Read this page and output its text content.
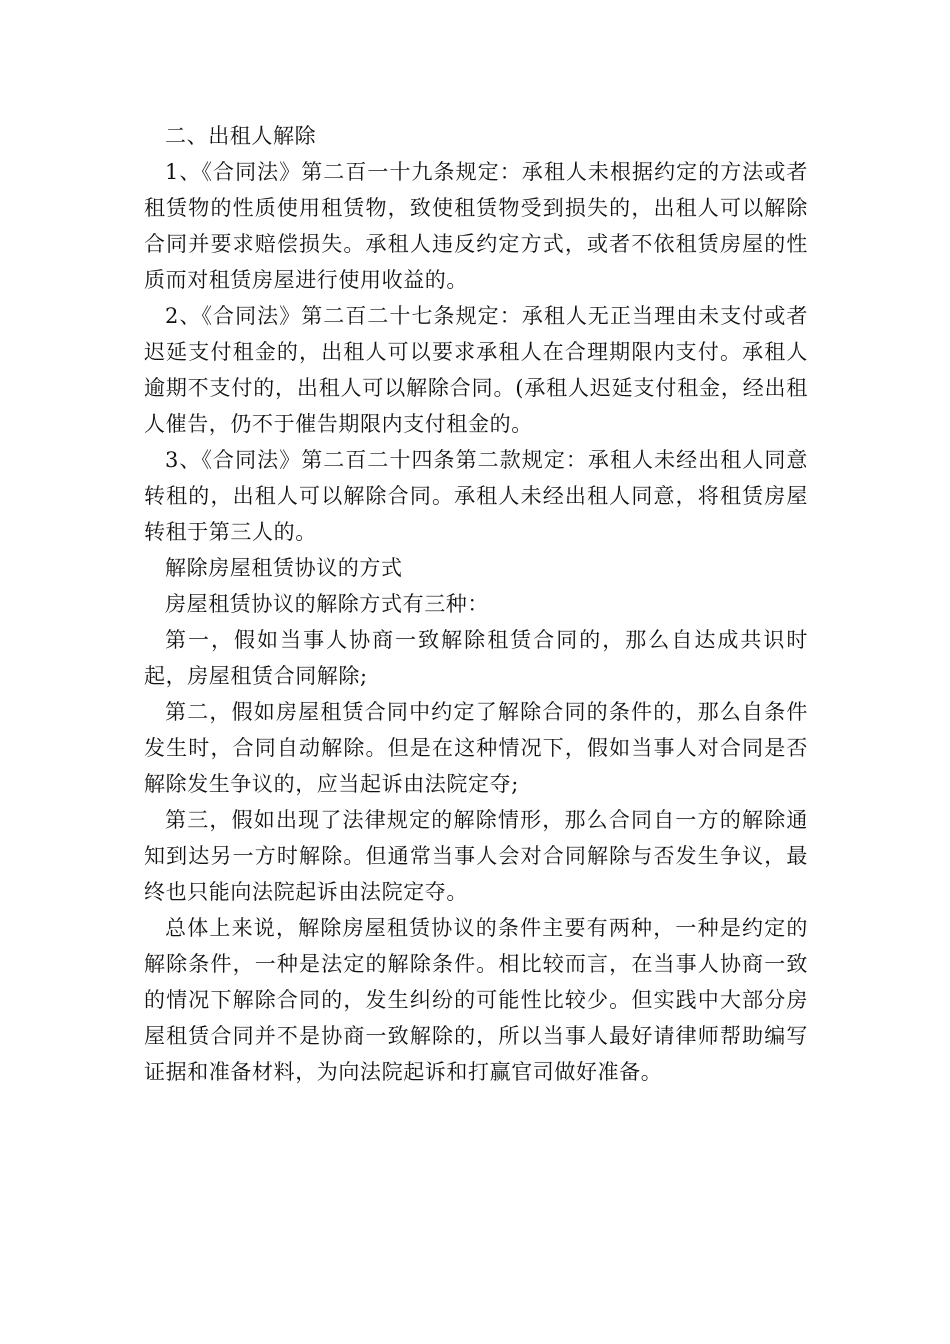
二、出租人解除

1、《合同法》第二百一十九条规定：承租人未根据约定的方法或者租赁物的性质使用租赁物，致使租赁物受到损失的，出租人可以解除合同并要求赔偿损失。承租人违反约定方式，或者不依租赁房屋的性质而对租赁房屋进行使用收益的。

2、《合同法》第二百二十七条规定：承租人无正当理由未支付或者迟延支付租金的，出租人可以要求承租人在合理期限内支付。承租人逾期不支付的，出租人可以解除合同。(承租人迟延支付租金，经出租人催告，仍不于催告期限内支付租金的。

3、《合同法》第二百二十四条第二款规定：承租人未经出租人同意转租的，出租人可以解除合同。承租人未经出租人同意，将租赁房屋转租于第三人的。

解除房屋租赁协议的方式

房屋租赁协议的解除方式有三种：

第一，假如当事人协商一致解除租赁合同的，那么自达成共识时起，房屋租赁合同解除;

第二，假如房屋租赁合同中约定了解除合同的条件的，那么自条件发生时，合同自动解除。但是在这种情况下，假如当事人对合同是否解除发生争议的，应当起诉由法院定夺;

第三，假如出现了法律规定的解除情形，那么合同自一方的解除通知到达另一方时解除。但通常当事人会对合同解除与否发生争议，最终也只能向法院起诉由法院定夺。

总体上来说，解除房屋租赁协议的条件主要有两种，一种是约定的解除条件，一种是法定的解除条件。相比较而言，在当事人协商一致的情况下解除合同的，发生纠纷的可能性比较少。但实践中大部分房屋租赁合同并不是协商一致解除的，所以当事人最好请律师帮助编写证据和准备材料，为向法院起诉和打赢官司做好准备。
